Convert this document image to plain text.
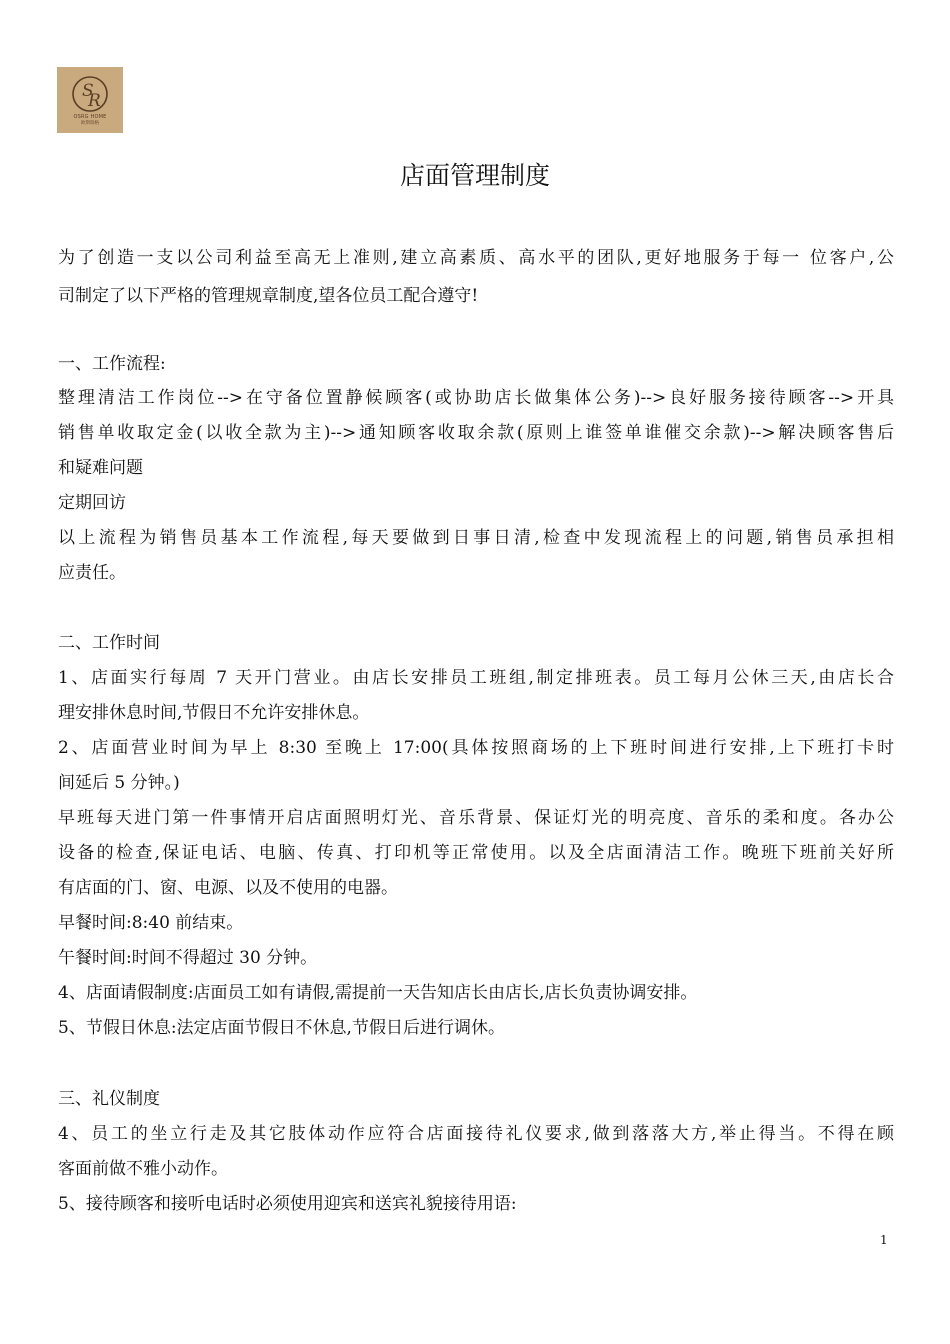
S
R
OSRG HOME
欧斯瑞格
店面管理制度

为了创造一支以公司利益至高无上准则,建立高素质、高水平的团队,更好地服务于每一 位客户,公

司制定了以下严格的管理规章制度,望各位员工配合遵守!

一、工作流程:

整理清洁工作岗位-->在守备位置静候顾客(或协助店长做集体公务)-->良好服务接待顾客-->开具

销售单收取定金(以收全款为主)-->通知顾客收取余款(原则上谁签单谁催交余款)-->解决顾客售后

和疑难问题

定期回访

以上流程为销售员基本工作流程,每天要做到日事日清,检查中发现流程上的问题,销售员承担相

应责任。

二、工作时间

1、店面实行每周 7 天开门营业。由店长安排员工班组,制定排班表。员工每月公休三天,由店长合

理安排休息时间,节假日不允许安排休息。

2、店面营业时间为早上 8:30 至晚上 17:00(具体按照商场的上下班时间进行安排,上下班打卡时

间延后 5 分钟。)

早班每天进门第一件事情开启店面照明灯光、音乐背景、保证灯光的明亮度、音乐的柔和度。各办公

设备的检查,保证电话、电脑、传真、打印机等正常使用。以及全店面清洁工作。晚班下班前关好所

有店面的门、窗、电源、以及不使用的电器。

早餐时间:8:40 前结束。

午餐时间:时间不得超过 30 分钟。

4、店面请假制度:店面员工如有请假,需提前一天告知店长由店长,店长负责协调安排。

5、节假日休息:法定店面节假日不休息,节假日后进行调休。

三、礼仪制度

4、员工的坐立行走及其它肢体动作应符合店面接待礼仪要求,做到落落大方,举止得当。不得在顾

客面前做不雅小动作。

5、接待顾客和接听电话时必须使用迎宾和送宾礼貌接待用语:

1
